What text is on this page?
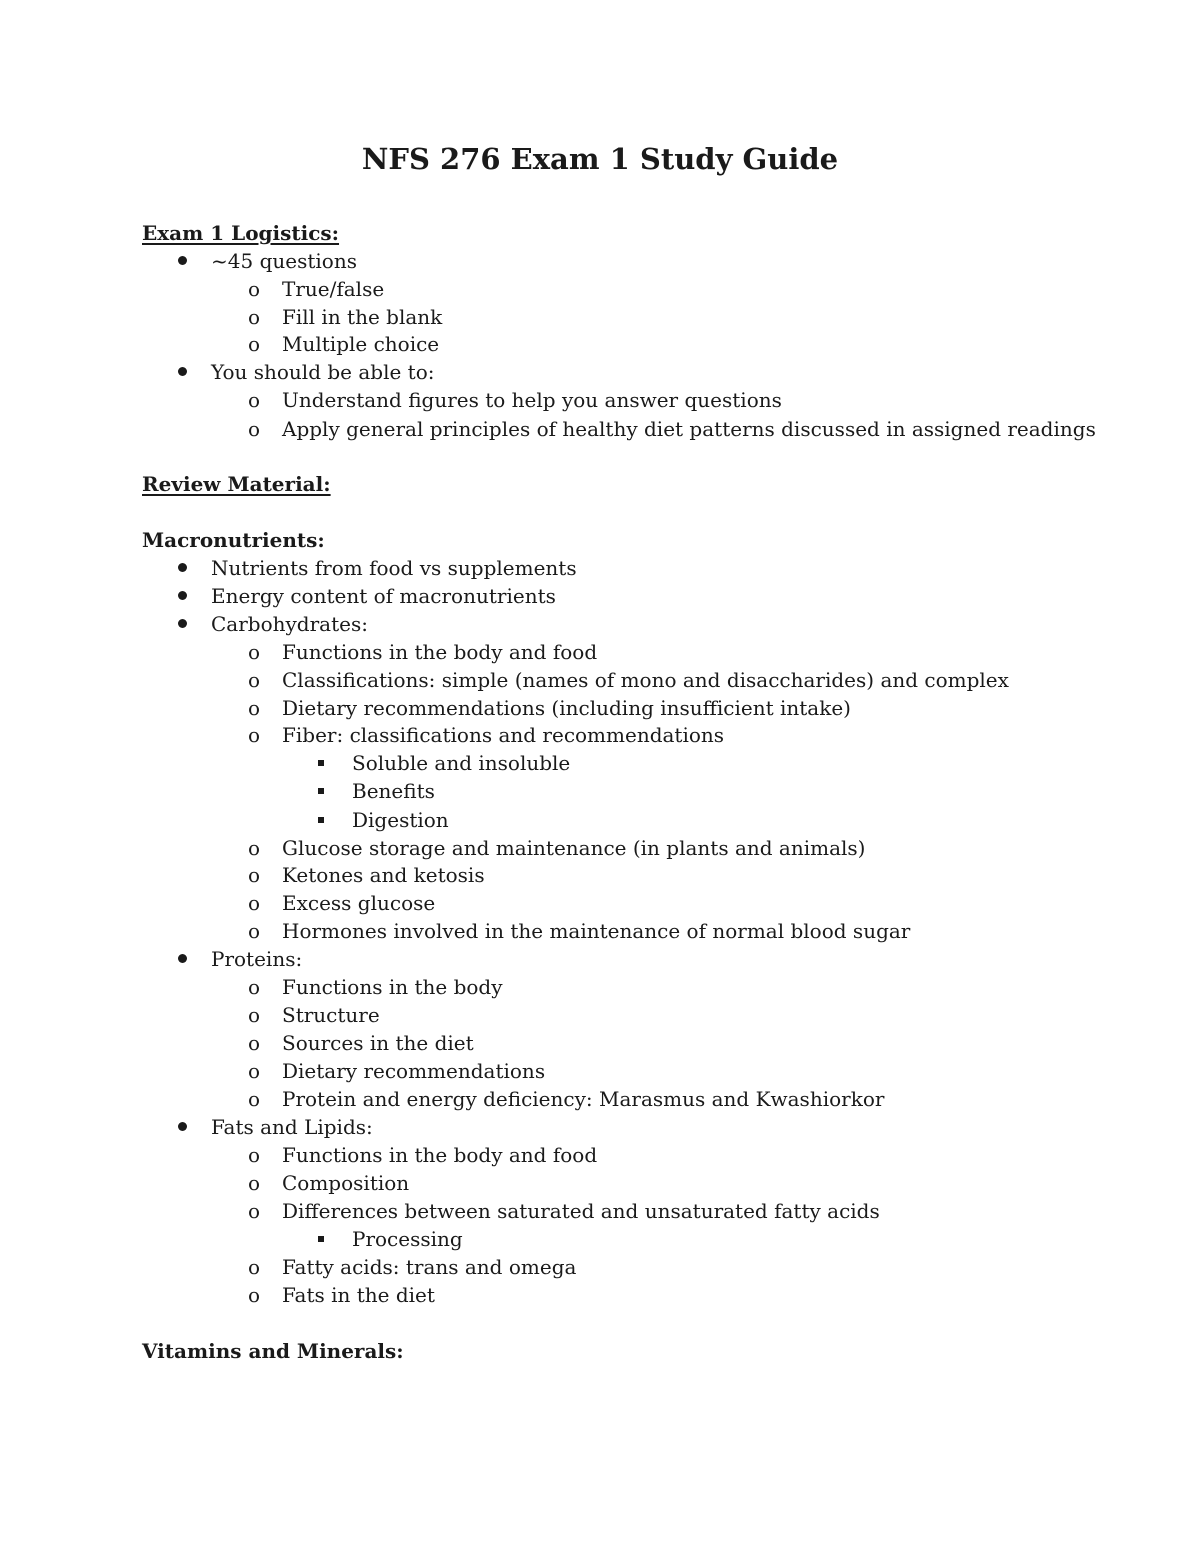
NFS 276 Exam 1 Study Guide

Exam 1 Logistics:

~45 questions
o True/false
o Fill in the blank
o Multiple choice
You should be able to:
o Understand figures to help you answer questions
o Apply general principles of healthy diet patterns discussed in assigned readings

Review Material:

Macronutrients:

Nutrients from food vs supplements
Energy content of macronutrients
Carbohydrates:
o Functions in the body and food
o Classifications: simple (names of mono and disaccharides) and complex
o Dietary recommendations (including insufficient intake)
o Fiber: classifications and recommendations
Soluble and insoluble
Benefits
Digestion
o Glucose storage and maintenance (in plants and animals)
o Ketones and ketosis
o Excess glucose
o Hormones involved in the maintenance of normal blood sugar
Proteins:
o Functions in the body
o Structure
o Sources in the diet
o Dietary recommendations
o Protein and energy deficiency: Marasmus and Kwashiorkor
Fats and Lipids:
o Functions in the body and food
o Composition
o Differences between saturated and unsaturated fatty acids
Processing
o Fatty acids: trans and omega
o Fats in the diet

Vitamins and Minerals:
